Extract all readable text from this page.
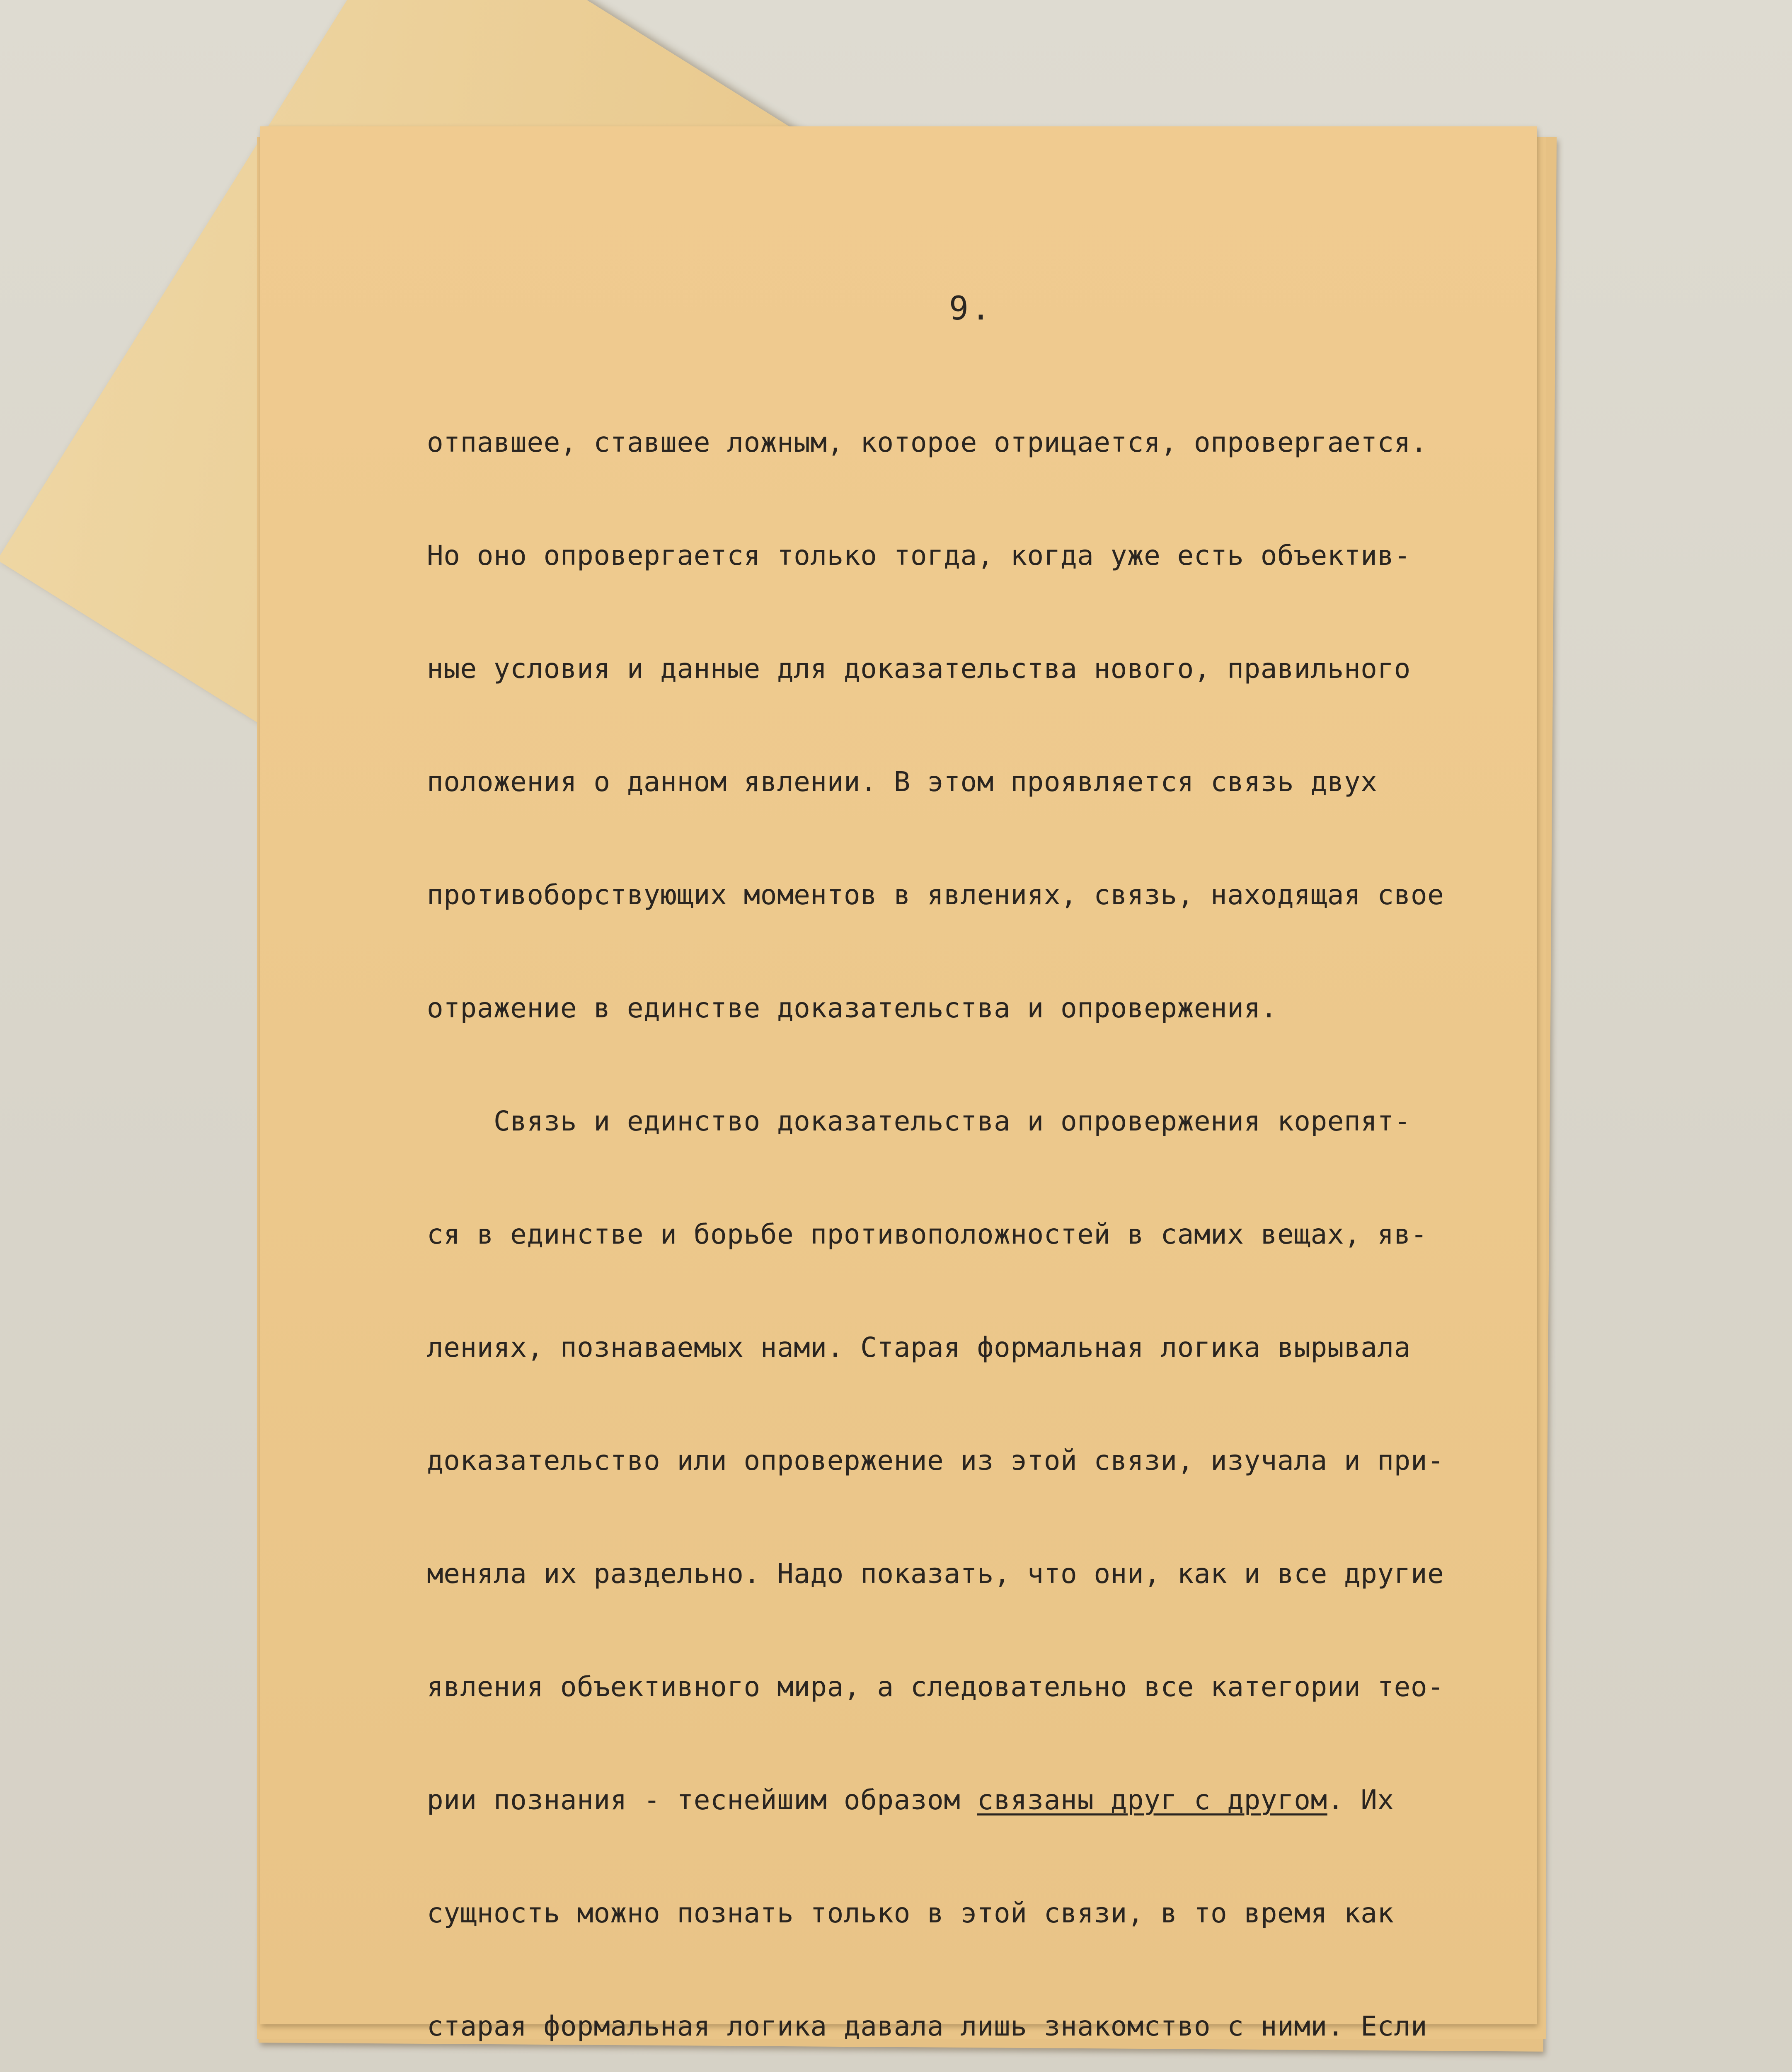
9.

отпавшее, ставшее ложным, которое отрицается, опровергается.

Но оно опровергается только тогда, когда уже есть объектив-

ные условия и данные для доказательства нового, правильного

положения о данном явлении. В этом проявляется связь двух

противоборствующих моментов в явлениях, связь, находящая свое

отражение в единстве доказательства и опровержения.

Связь и единство доказательства и опровержения корепят-

ся в единстве и борьбе противоположностей в самих вещах, яв-

лениях, познаваемых нами. Старая формальная логика вырывала

доказательство или опровержение из этой связи, изучала и при-

меняла их раздельно. Надо показать, что они, как и все другие

явления объективного мира, а следовательно все категории тео-

рии познания - теснейшим образом связаны друг с другом. Их

сущность можно познать только в этой связи, в то время как

старая формальная логика давала лишь знакомство с ними. Если
